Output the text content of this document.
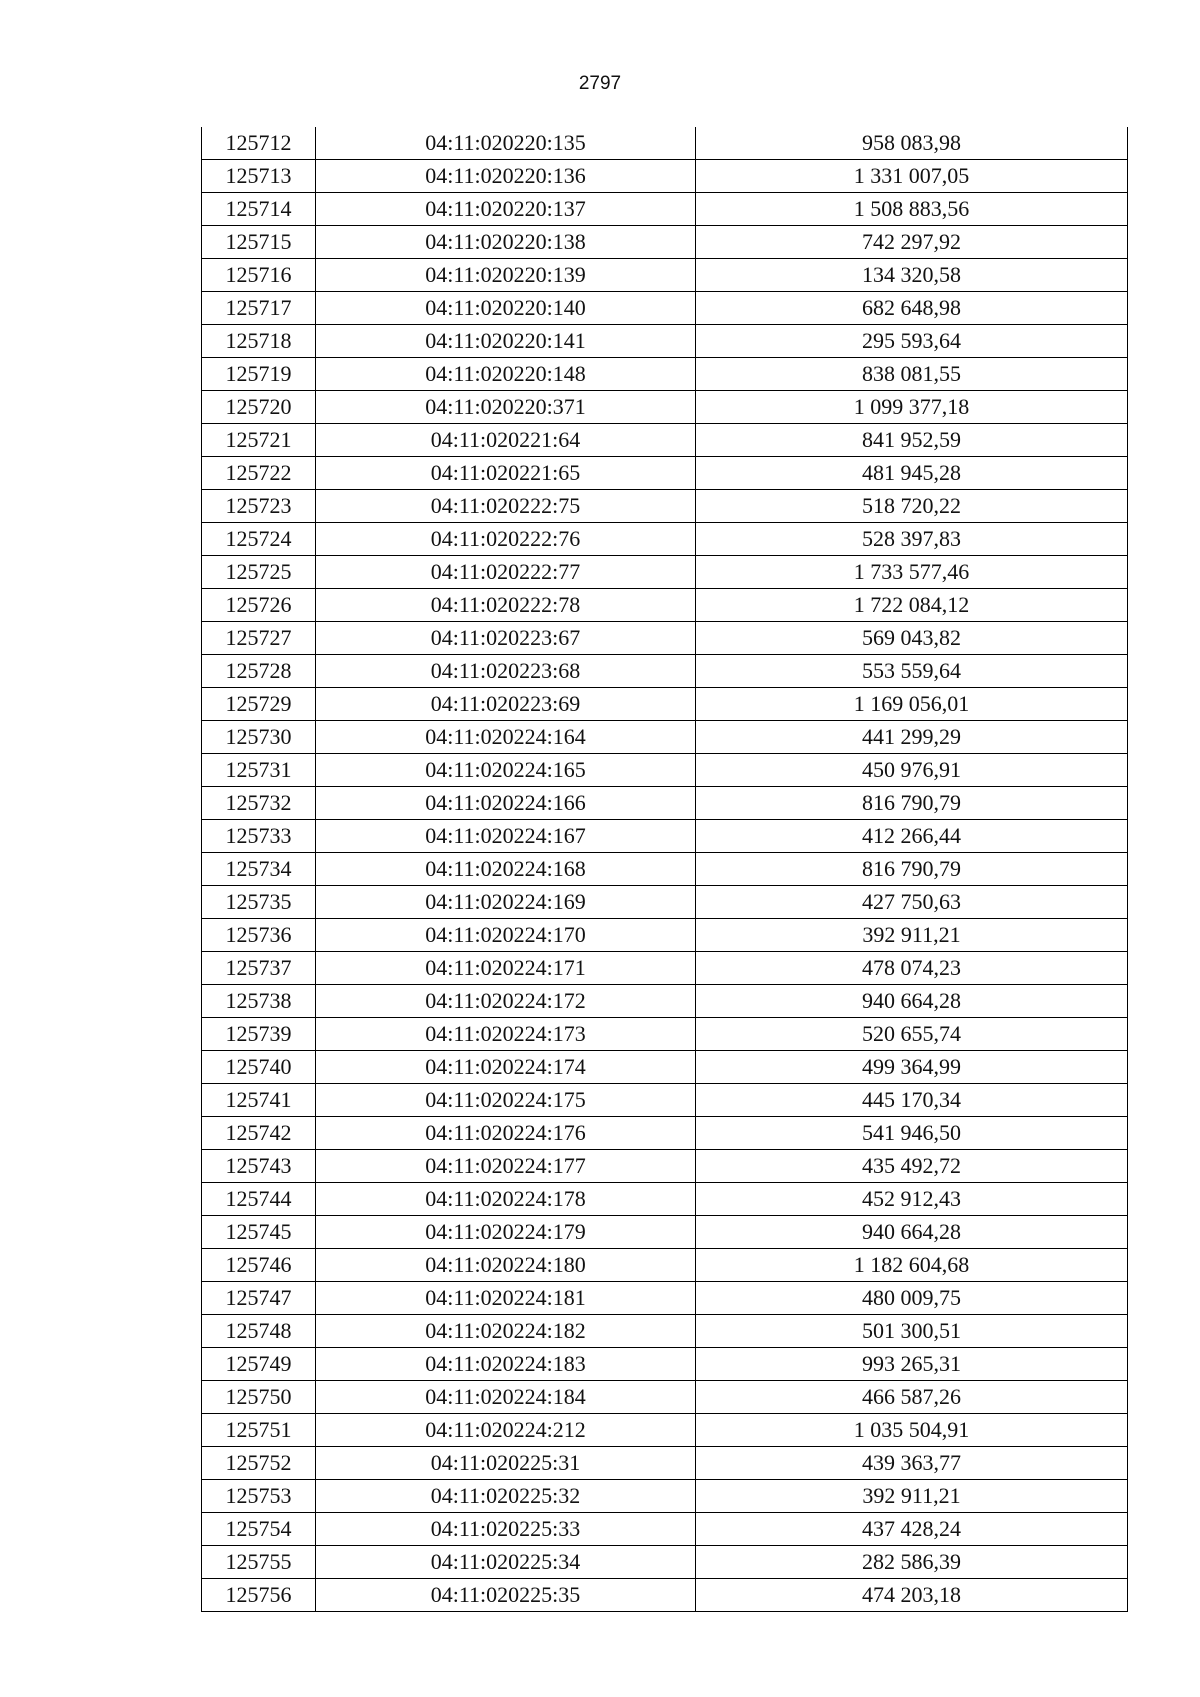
2797
125712	04:11:020220:135	958 083,98
125713	04:11:020220:136	1 331 007,05
125714	04:11:020220:137	1 508 883,56
125715	04:11:020220:138	742 297,92
125716	04:11:020220:139	134 320,58
125717	04:11:020220:140	682 648,98
125718	04:11:020220:141	295 593,64
125719	04:11:020220:148	838 081,55
125720	04:11:020220:371	1 099 377,18
125721	04:11:020221:64	841 952,59
125722	04:11:020221:65	481 945,28
125723	04:11:020222:75	518 720,22
125724	04:11:020222:76	528 397,83
125725	04:11:020222:77	1 733 577,46
125726	04:11:020222:78	1 722 084,12
125727	04:11:020223:67	569 043,82
125728	04:11:020223:68	553 559,64
125729	04:11:020223:69	1 169 056,01
125730	04:11:020224:164	441 299,29
125731	04:11:020224:165	450 976,91
125732	04:11:020224:166	816 790,79
125733	04:11:020224:167	412 266,44
125734	04:11:020224:168	816 790,79
125735	04:11:020224:169	427 750,63
125736	04:11:020224:170	392 911,21
125737	04:11:020224:171	478 074,23
125738	04:11:020224:172	940 664,28
125739	04:11:020224:173	520 655,74
125740	04:11:020224:174	499 364,99
125741	04:11:020224:175	445 170,34
125742	04:11:020224:176	541 946,50
125743	04:11:020224:177	435 492,72
125744	04:11:020224:178	452 912,43
125745	04:11:020224:179	940 664,28
125746	04:11:020224:180	1 182 604,68
125747	04:11:020224:181	480 009,75
125748	04:11:020224:182	501 300,51
125749	04:11:020224:183	993 265,31
125750	04:11:020224:184	466 587,26
125751	04:11:020224:212	1 035 504,91
125752	04:11:020225:31	439 363,77
125753	04:11:020225:32	392 911,21
125754	04:11:020225:33	437 428,24
125755	04:11:020225:34	282 586,39
125756	04:11:020225:35	474 203,18
